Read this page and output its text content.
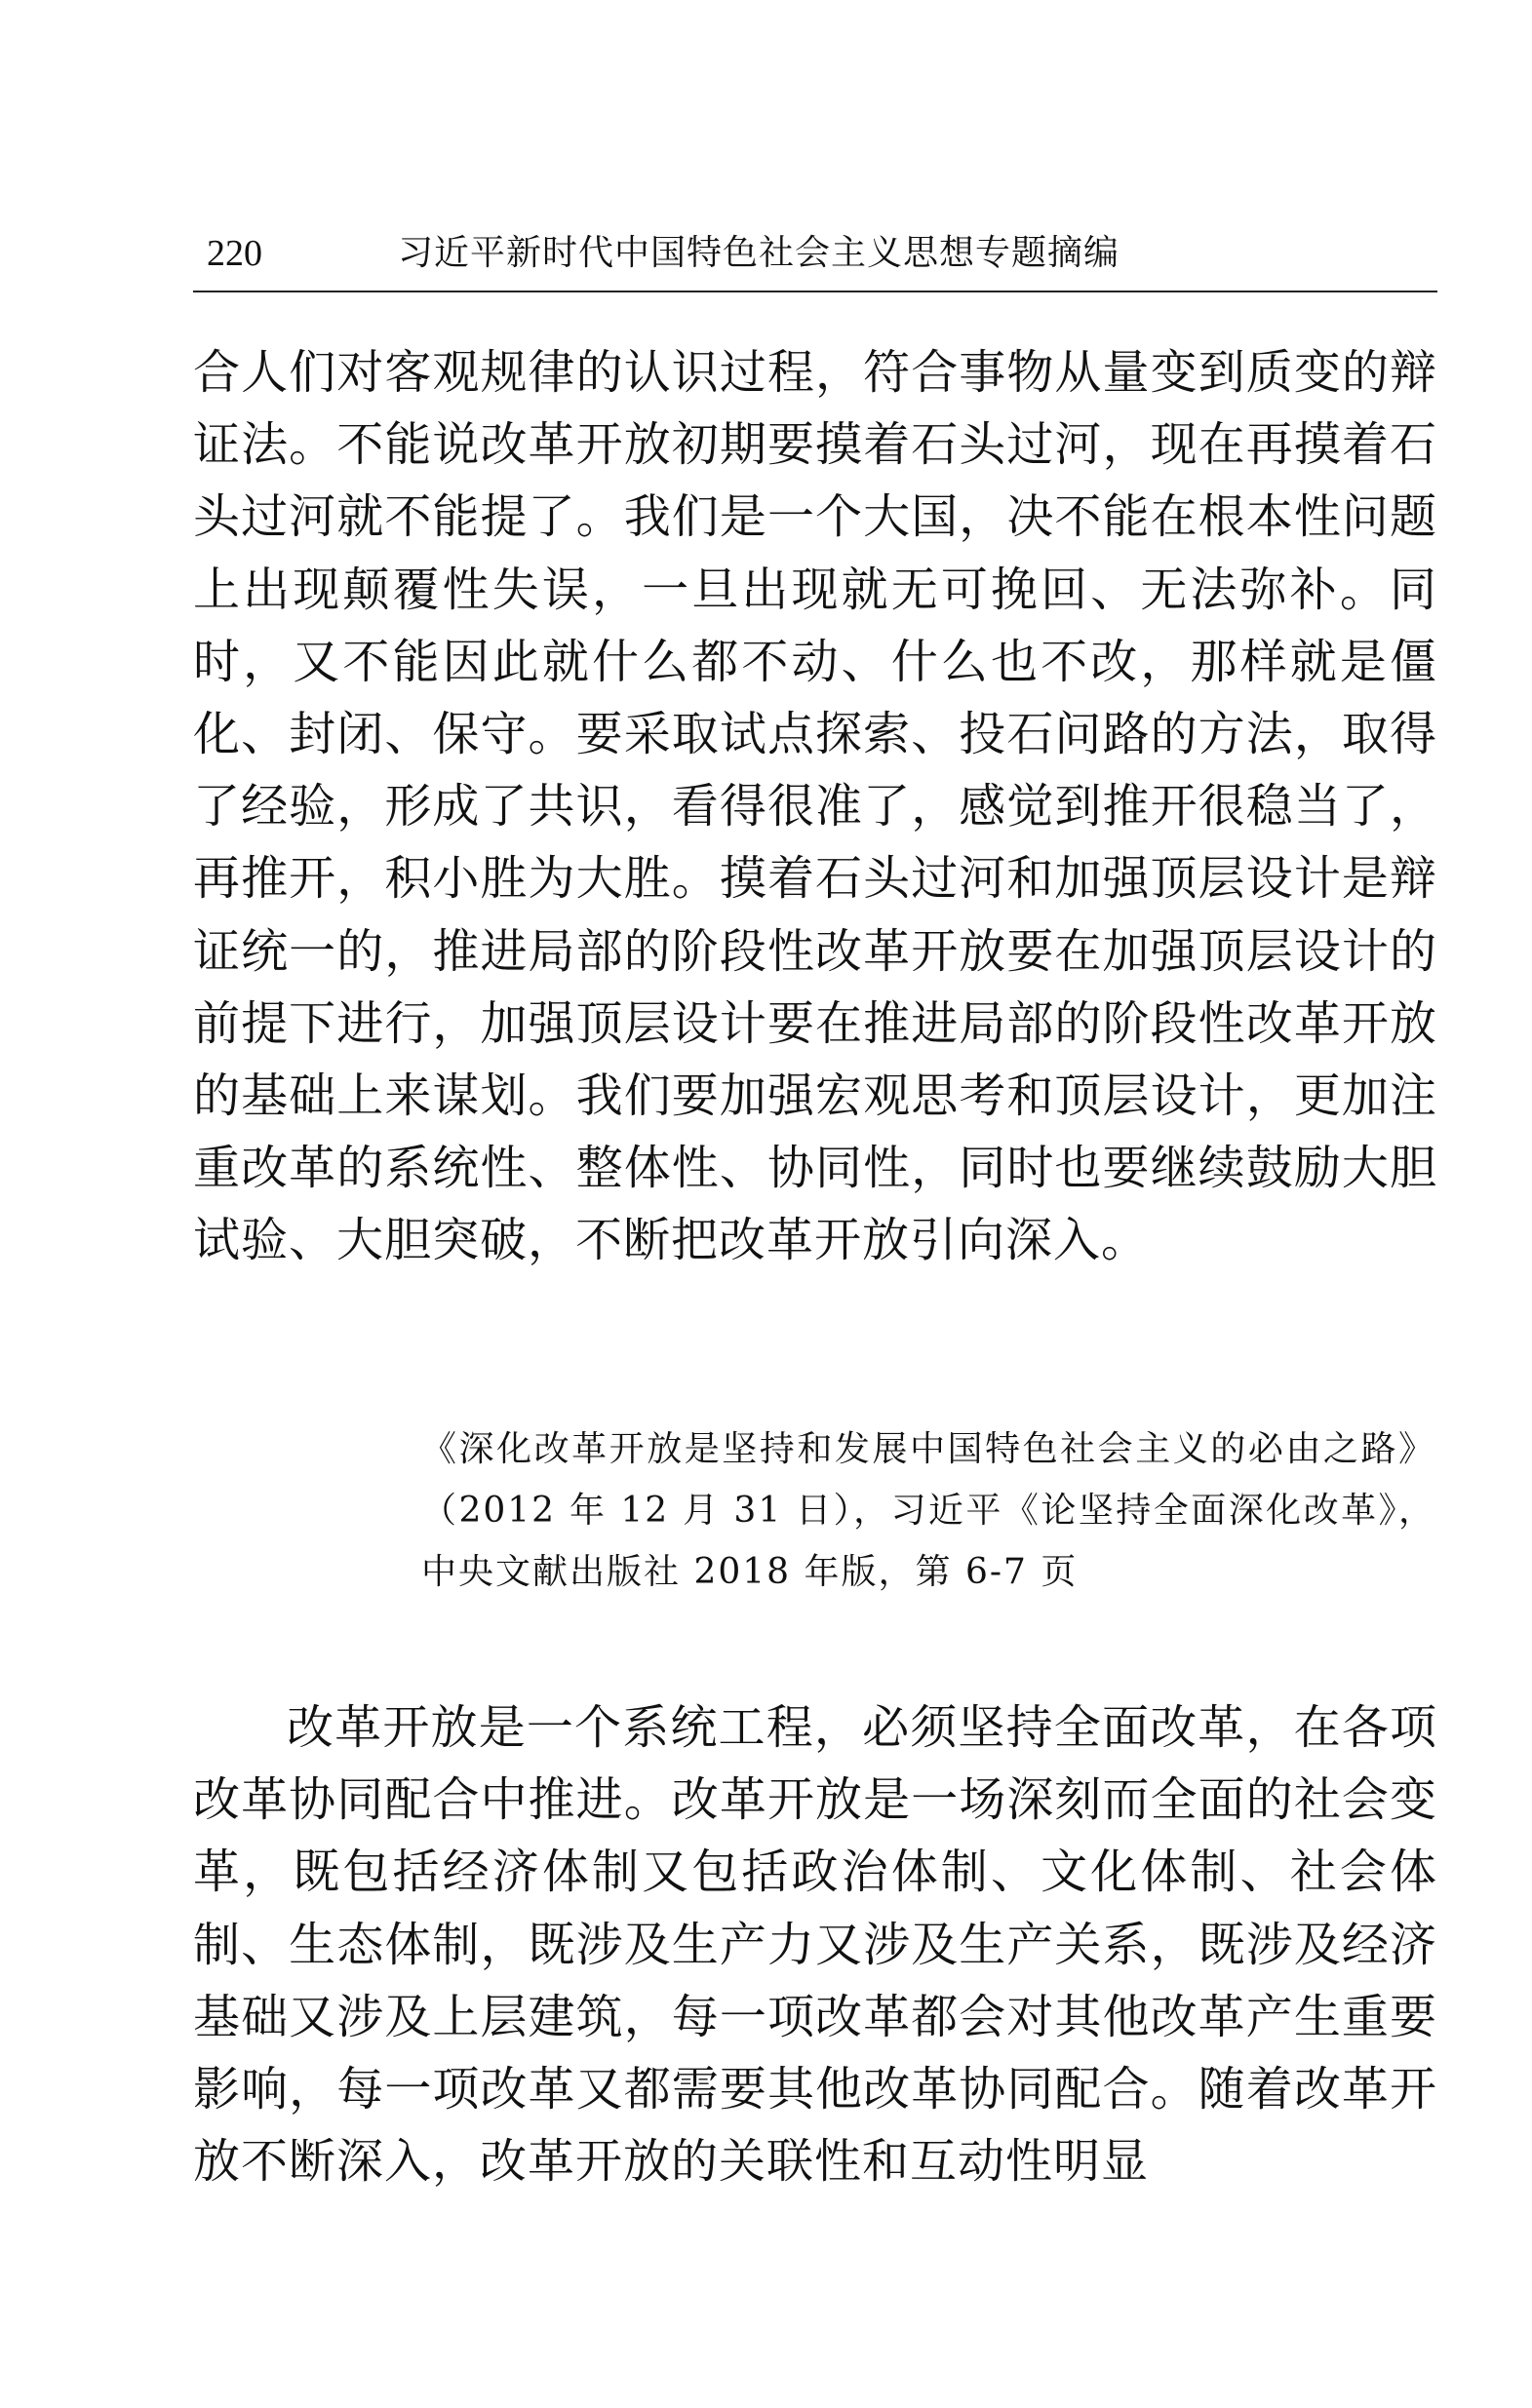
220	习近平新时代中国特色社会主义思想专题摘编

合人们对客观规律的认识过程，符合事物从量变到质变的辩证法。不能说改革开放初期要摸着石头过河，现在再摸着石头过河就不能提了。我们是一个大国，决不能在根本性问题上出现颠覆性失误，一旦出现就无可挽回、无法弥补。同时，又不能因此就什么都不动、什么也不改，那样就是僵化、封闭、保守。要采取试点探索、投石问路的方法，取得了经验，形成了共识，看得很准了，感觉到推开很稳当了，再推开，积小胜为大胜。摸着石头过河和加强顶层设计是辩证统一的，推进局部的阶段性改革开放要在加强顶层设计的前提下进行，加强顶层设计要在推进局部的阶段性改革开放的基础上来谋划。我们要加强宏观思考和顶层设计，更加注重改革的系统性、整体性、协同性，同时也要继续鼓励大胆试验、大胆突破，不断把改革开放引向深入。

《深化改革开放是坚持和发展中国特色社会主义的必由之路》（2012 年 12 月 31 日），习近平《论坚持全面深化改革》，中央文献出版社 2018 年版，第 6-7 页

改革开放是一个系统工程，必须坚持全面改革，在各项改革协同配合中推进。改革开放是一场深刻而全面的社会变革，既包括经济体制又包括政治体制、文化体制、社会体制、生态体制，既涉及生产力又涉及生产关系，既涉及经济基础又涉及上层建筑，每一项改革都会对其他改革产生重要影响，每一项改革又都需要其他改革协同配合。随着改革开放不断深入，改革开放的关联性和互动性明显
